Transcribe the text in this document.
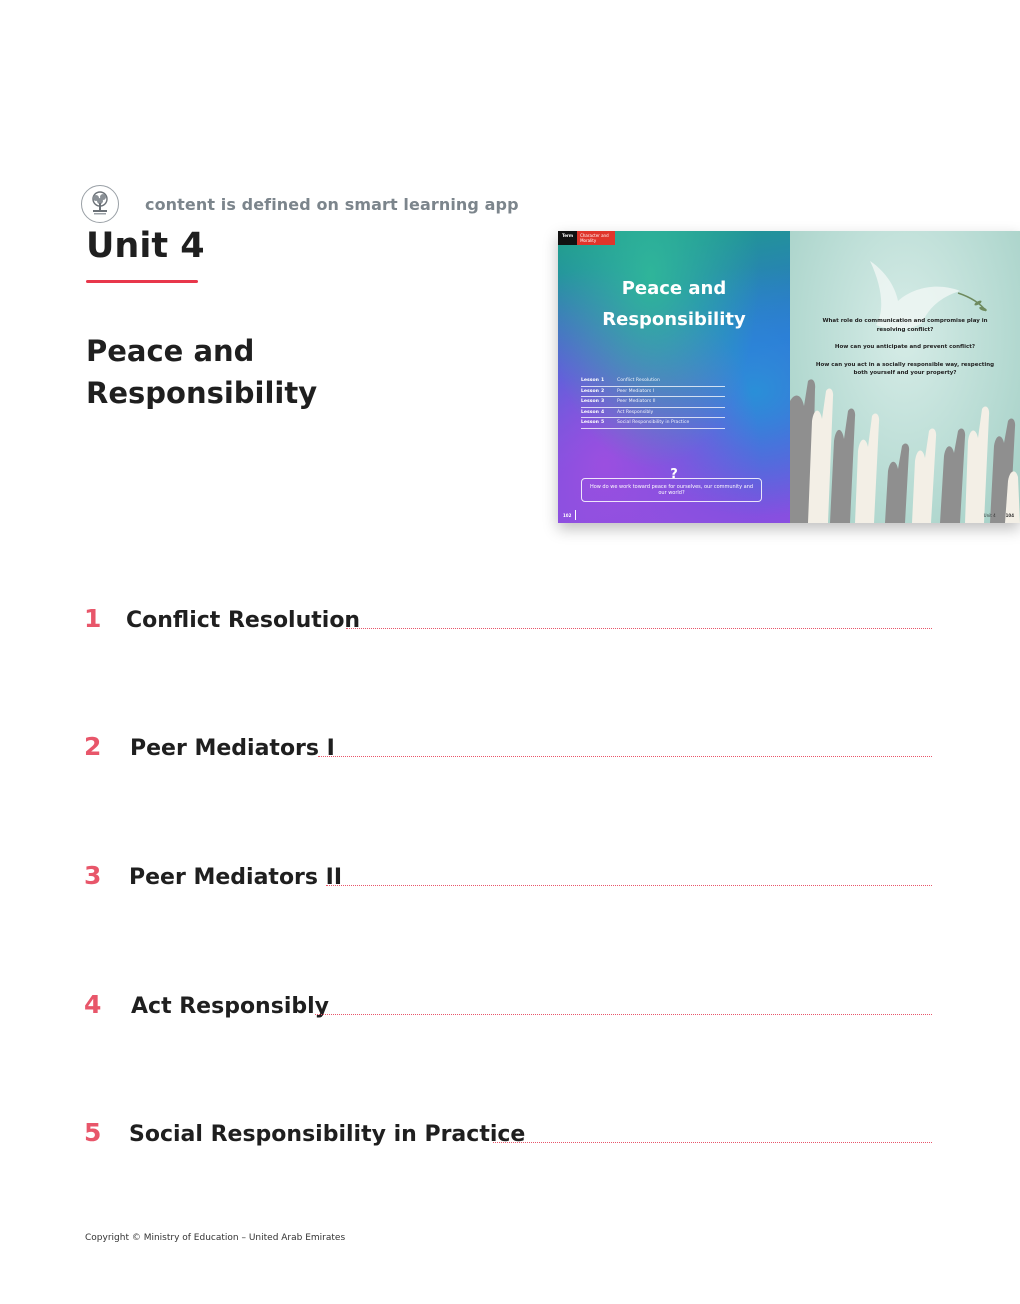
content is defined on smart learning app
Unit 4
Peace and Responsibility
Term	Character and Morality
Peace and
Responsibility
Lesson 1	Conflict Resolution
Lesson 2	Peer Mediators I
Lesson 3	Peer Mediators II
Lesson 4	Act Responsibly
Lesson 5	Social Responsibility in Practice
?
How do we work toward peace for ourselves, our community and our world?
102

What role do communication and compromise play in resolving conflict?

How can you anticipate and prevent conflict?

How can you act in a socially responsible way, respecting both yourself and your property?

Unit 4	104
1 Conflict Resolution
2 Peer Mediators I
3 Peer Mediators II
4 Act Responsibly
5 Social Responsibility in Practice
Copyright © Ministry of Education – United Arab Emirates
